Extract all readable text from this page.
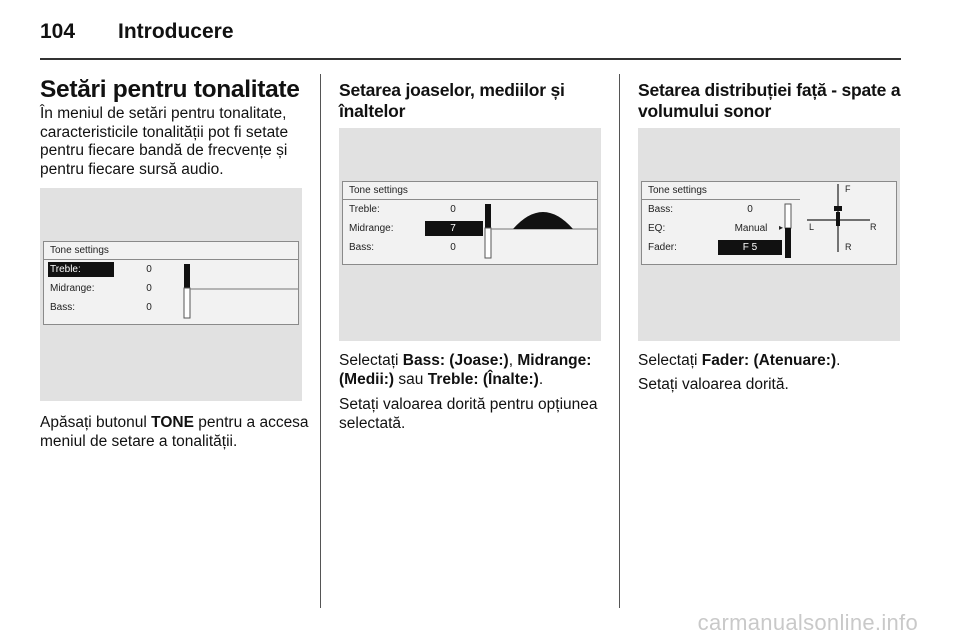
104 Introducere
Setări pentru tonalitate
În meniul de setări pentru tonalitate, caracteristicile tonalității pot fi setate pentru fiecare bandă de frecvențe și pentru fiecare sursă audio.
Tone settings
Treble:	0
Midrange:	0
Bass:	0
Apăsați butonul TONE pentru a accesa meniul de setare a tonalității.
Setarea joaselor, mediilor și înaltelor
Tone settings
Treble:	0
Midrange:	7
Bass:	0
Selectați Bass: (Joase:), Midrange: (Medii:) sau Treble: (Înalte:).
Setați valoarea dorită pentru opțiunea selectată.
Setarea distribuției față - spate a volumului sonor
Tone settings
Bass:	0
EQ:	Manual	▸
Fader:	F 5
F
L	R
R
Selectați Fader: (Atenuare:).
Setați valoarea dorită.
carmanualsonline.info
